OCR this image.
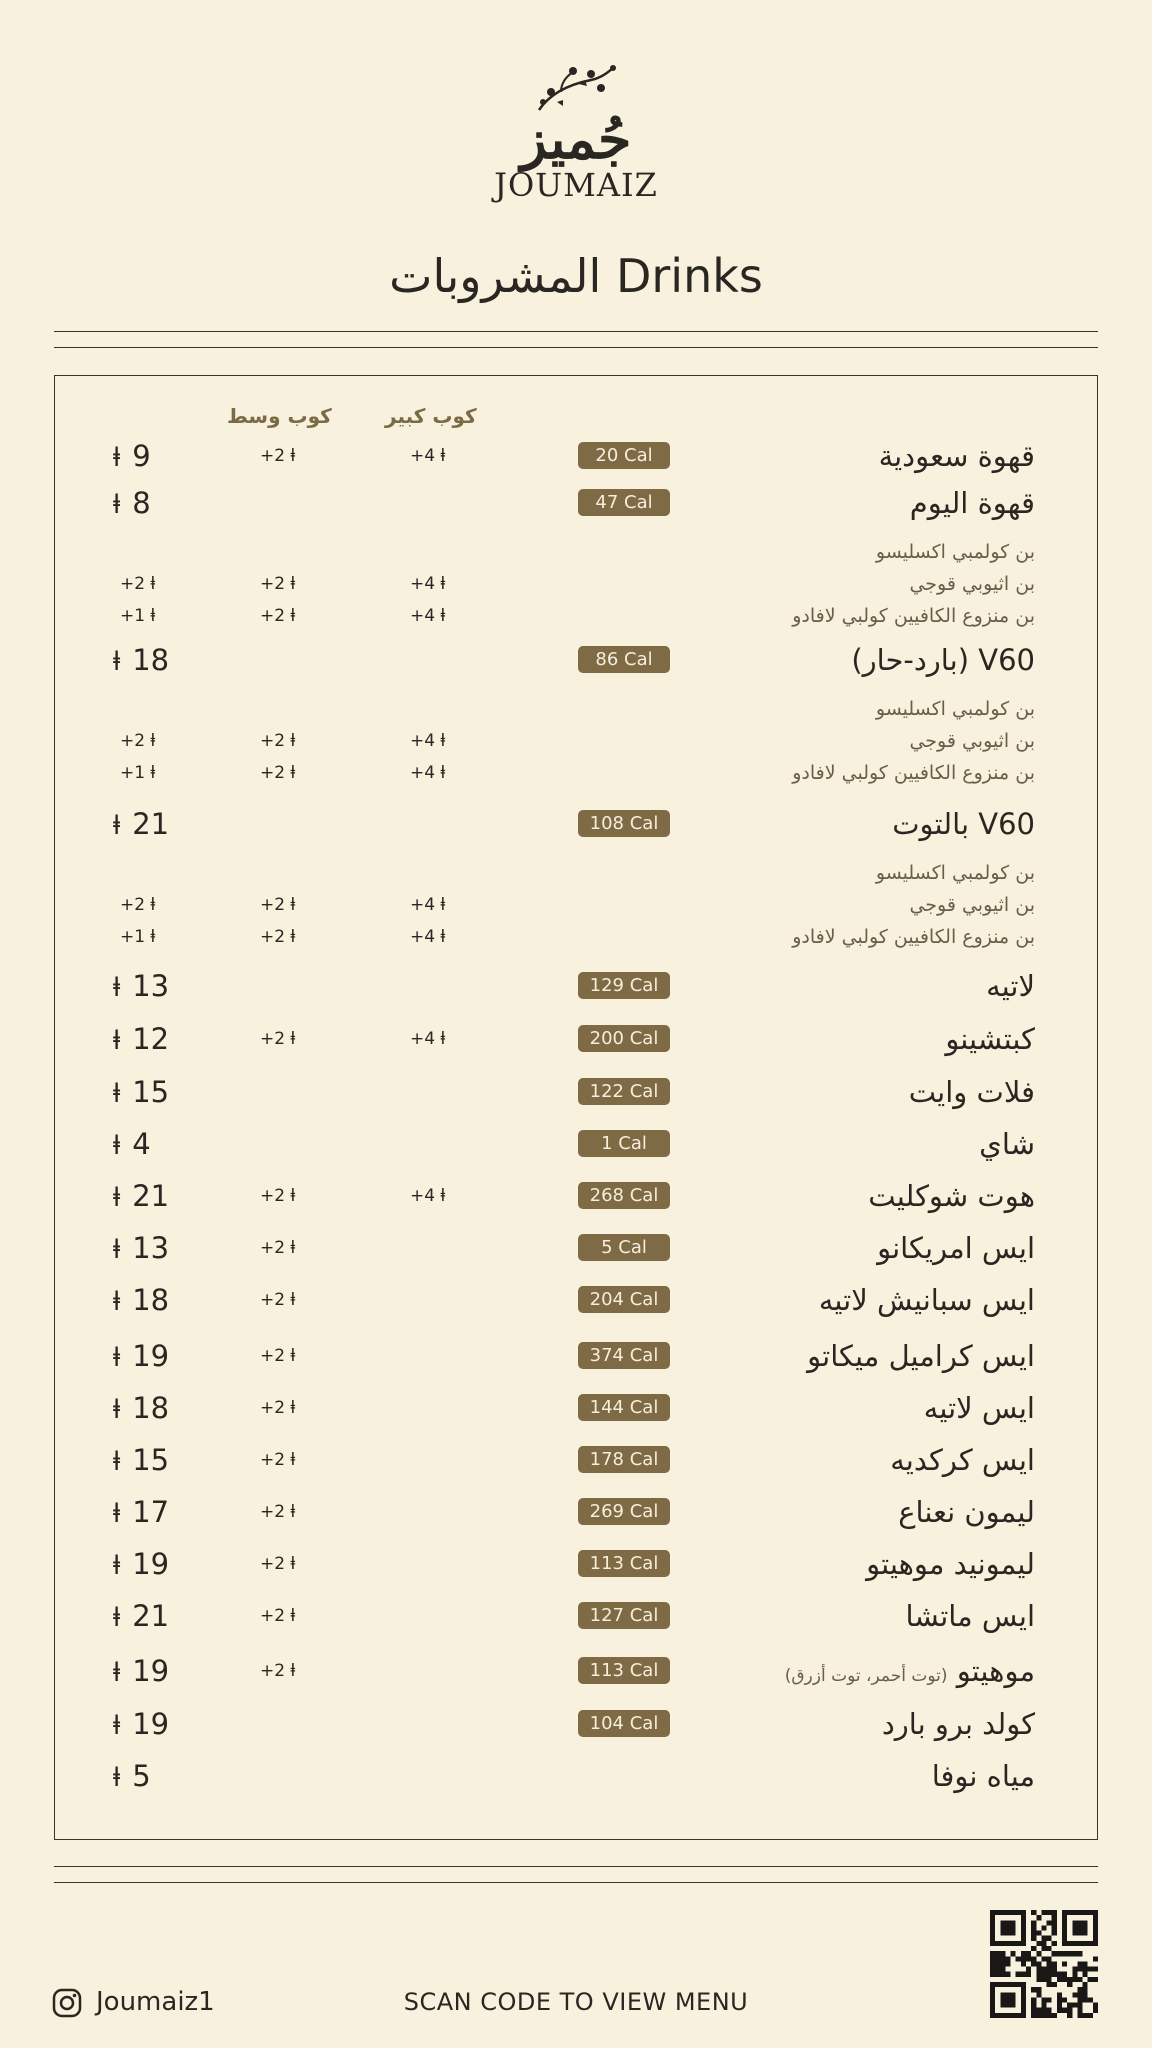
جُميز
JOUMAIZ
المشروبات Drinks
كوب كبير
كوب وسط
قهوة سعودية
20 Cal
+4 ⱡ
+2 ⱡ
ⱡ 9
قهوة اليوم
47 Cal
ⱡ 8
بن كولمبي اكسليسو
بن اثيوبي قوجي
+4 ⱡ
+2 ⱡ
+2 ⱡ
بن منزوع الكافيين كولبي لافادو
+4 ⱡ
+2 ⱡ
+1 ⱡ
V60 (بارد-حار)
86 Cal
ⱡ 18
بن كولمبي اكسليسو
بن اثيوبي قوجي
+4 ⱡ
+2 ⱡ
+2 ⱡ
بن منزوع الكافيين كولبي لافادو
+4 ⱡ
+2 ⱡ
+1 ⱡ
V60 بالتوت
108 Cal
ⱡ 21
بن كولمبي اكسليسو
بن اثيوبي قوجي
+4 ⱡ
+2 ⱡ
+2 ⱡ
بن منزوع الكافيين كولبي لافادو
+4 ⱡ
+2 ⱡ
+1 ⱡ
لاتيه
129 Cal
ⱡ 13
كبتشينو
200 Cal
+4 ⱡ
+2 ⱡ
ⱡ 12
فلات وايت
122 Cal
ⱡ 15
شاي
1 Cal
ⱡ 4
هوت شوكليت
268 Cal
+4 ⱡ
+2 ⱡ
ⱡ 21
ايس امريكانو
5 Cal
+2 ⱡ
ⱡ 13
ايس سبانيش لاتيه
204 Cal
+2 ⱡ
ⱡ 18
ايس كراميل ميكاتو
374 Cal
+2 ⱡ
ⱡ 19
ايس لاتيه
144 Cal
+2 ⱡ
ⱡ 18
ايس كركديه
178 Cal
+2 ⱡ
ⱡ 15
ليمون نعناع
269 Cal
+2 ⱡ
ⱡ 17
ليمونيد موهيتو
113 Cal
+2 ⱡ
ⱡ 19
ايس ماتشا
127 Cal
+2 ⱡ
ⱡ 21
موهيتو (توت أحمر، توت أزرق)
113 Cal
+2 ⱡ
ⱡ 19
كولد برو بارد
104 Cal
ⱡ 19
مياه نوفا
ⱡ 5
Joumaiz1	SCAN CODE TO VIEW MENU
